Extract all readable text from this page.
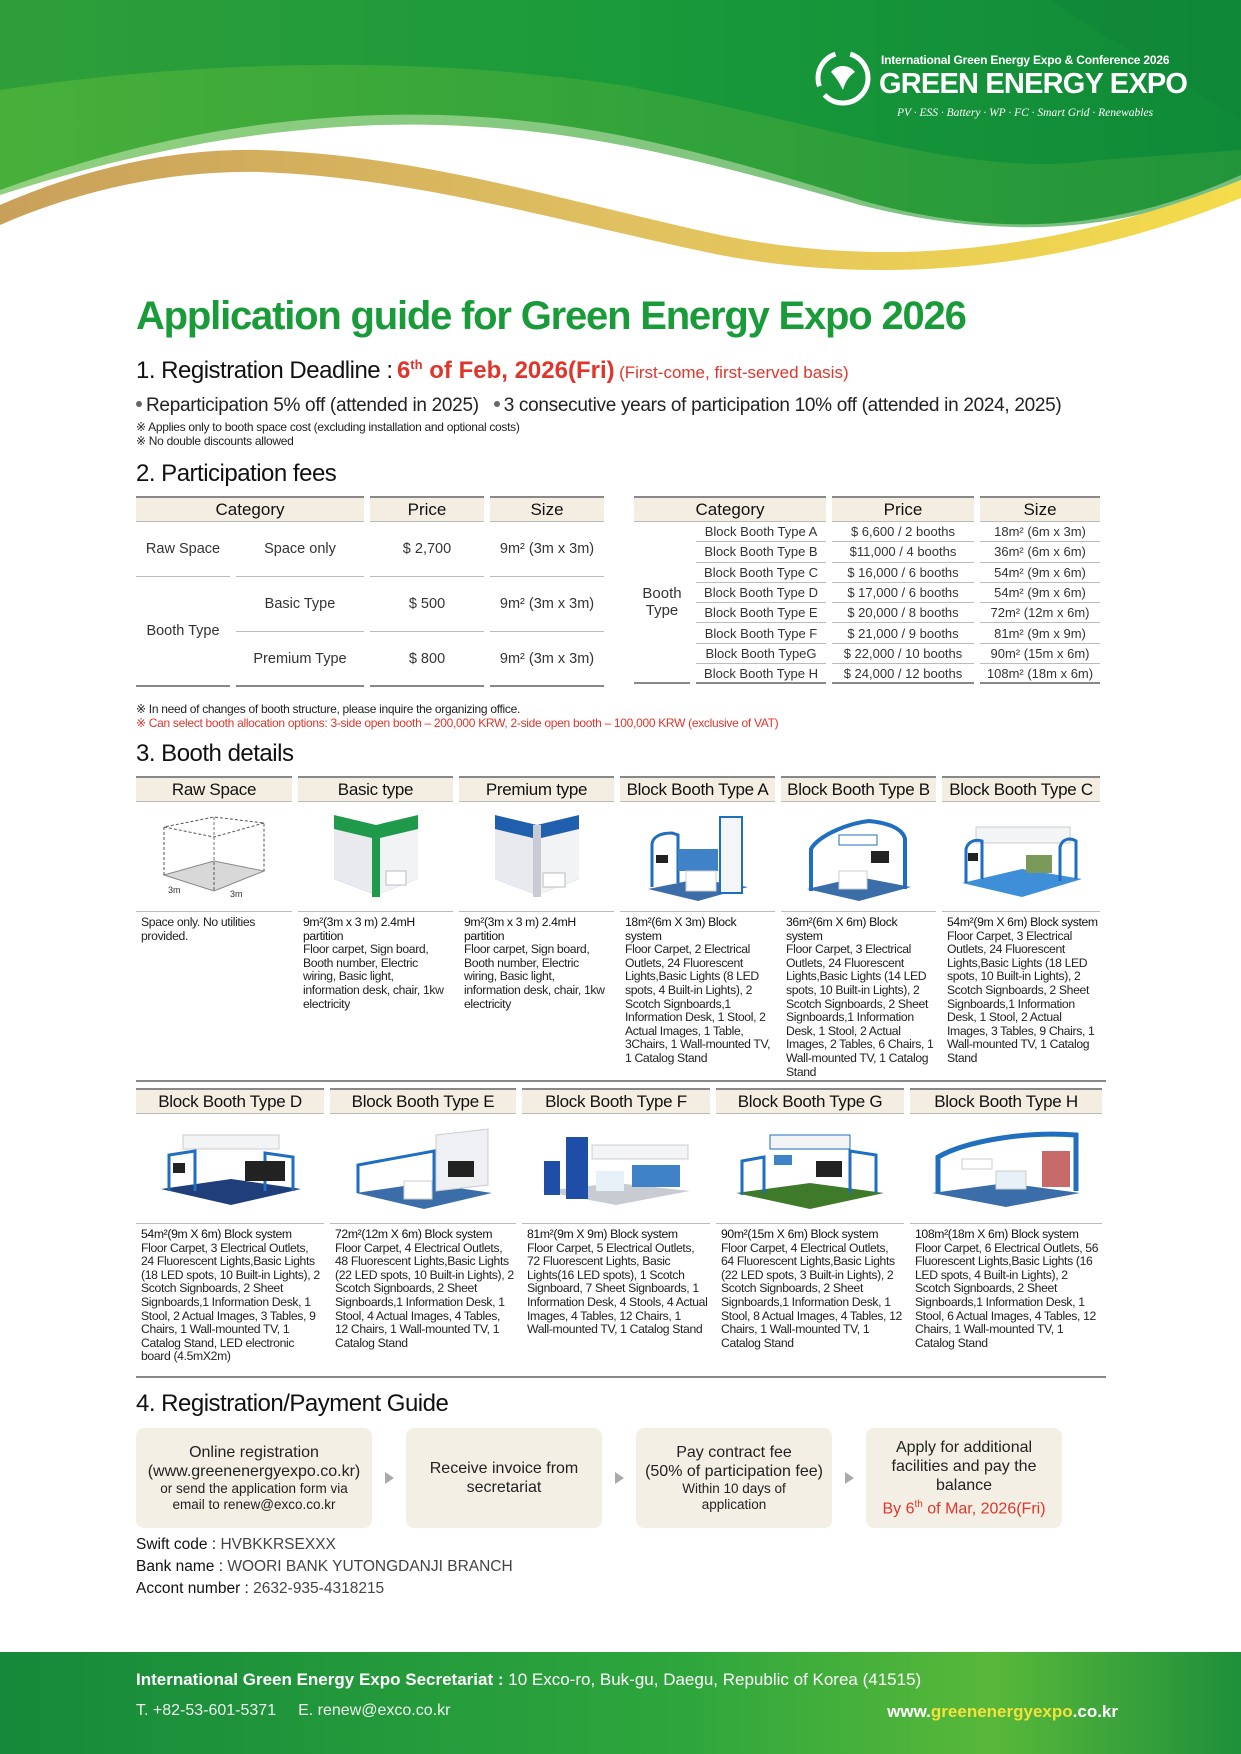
International Green Energy Expo & Conference 2026
GREEN ENERGY EXPO
PV · ESS · Battery · WP · FC · Smart Grid · Renewables
Application guide for Green Energy Expo 2026
1. Registration Deadline : 6th of Feb, 2026(Fri) (First-come, first-served basis)
Reparticipation 5% off (attended in 2025) 3 consecutive years of participation 10% off (attended in 2024, 2025)
※ Applies only to booth space cost (excluding installation and optional costs)
※ No double discounts allowed
2. Participation fees
Category		Price	Size
Raw Space	Space only	$ 2,700	9m² (3m x 3m)
Booth Type	Basic Type	$ 500	9m² (3m x 3m)
	Premium Type	$ 800	9m² (3m x 3m)
Category		Price	Size
Booth Type	Block Booth Type A	$ 6,600 / 2 booths	18m² (6m x 3m)
	Block Booth Type B	$11,000 / 4 booths	36m² (6m x 6m)
	Block Booth Type C	$ 16,000 / 6 booths	54m² (9m x 6m)
	Block Booth Type D	$ 17,000 / 6 booths	54m² (9m x 6m)
	Block Booth Type E	$ 20,000 / 8 booths	72m² (12m x 6m)
	Block Booth Type F	$ 21,000 / 9 booths	81m² (9m x 9m)
	Block Booth TypeG	$ 22,000 / 10 booths	90m² (15m x 6m)
	Block Booth Type H	$ 24,000 / 12 booths	108m² (18m x 6m)
※ In need of changes of booth structure, please inquire the organizing office.
※ Can select booth allocation options: 3-side open booth – 200,000 KRW, 2-side open booth – 100,000 KRW (exclusive of VAT)
3. Booth details
Raw Space
3m	3m
Space only. No utilities provided.
Basic type
9m²(3m x 3 m) 2.4mH partition
Floor carpet, Sign board, Booth number, Electric wiring, Basic light, information desk, chair, 1kw electricity
Premium type
9m²(3m x 3 m) 2.4mH partition
Floor carpet, Sign board, Booth number, Electric wiring, Basic light, information desk, chair, 1kw electricity
Block Booth Type A
18m²(6m X 3m) Block system
Floor Carpet, 2 Electrical Outlets, 24 Fluorescent Lights,Basic Lights (8 LED spots, 4 Built-in Lights), 2 Scotch Signboards,1 Information Desk, 1 Stool, 2 Actual Images, 1 Table, 3Chairs, 1 Wall-mounted TV, 1 Catalog Stand
Block Booth Type B
36m²(6m X 6m) Block system
Floor Carpet, 3 Electrical Outlets, 24 Fluorescent Lights,Basic Lights (14 LED spots, 10 Built-in Lights), 2 Scotch Signboards, 2 Sheet Signboards,1 Information Desk, 1 Stool, 2 Actual Images, 2 Tables, 6 Chairs, 1 Wall-mounted TV, 1 Catalog Stand
Block Booth Type C
54m²(9m X 6m) Block system
Floor Carpet, 3 Electrical Outlets, 24 Fluorescent Lights,Basic Lights (18 LED spots, 10 Built-in Lights), 2 Scotch Signboards, 2 Sheet Signboards,1 Information Desk, 1 Stool, 2 Actual Images, 3 Tables, 9 Chairs, 1 Wall-mounted TV, 1 Catalog Stand
Block Booth Type D
54m²(9m X 6m) Block system
Floor Carpet, 3 Electrical Outlets, 24 Fluorescent Lights,Basic Lights (18 LED spots, 10 Built-in Lights), 2 Scotch Signboards, 2 Sheet Signboards,1 Information Desk, 1 Stool, 2 Actual Images, 3 Tables, 9 Chairs, 1 Wall-mounted TV, 1 Catalog Stand, LED electronic board (4.5mX2m)
Block Booth Type E
72m²(12m X 6m) Block system
Floor Carpet, 4 Electrical Outlets, 48 Fluorescent Lights,Basic Lights (22 LED spots, 10 Built-in Lights), 2 Scotch Signboards, 2 Sheet Signboards,1 Information Desk, 1 Stool, 4 Actual Images, 4 Tables, 12 Chairs, 1 Wall-mounted TV, 1 Catalog Stand
Block Booth Type F
81m²(9m X 9m) Block system
Floor Carpet, 5 Electrical Outlets, 72 Fluorescent Lights, Basic Lights(16 LED spots), 1 Scotch Signboard, 7 Sheet Signboards, 1 Information Desk, 4 Stools, 4 Actual Images, 4 Tables, 12 Chairs, 1 Wall-mounted TV, 1 Catalog Stand
Block Booth Type G
90m²(15m X 6m) Block system
Floor Carpet, 4 Electrical Outlets, 64 Fluorescent Lights,Basic Lights (22 LED spots, 3 Built-in Lights), 2 Scotch Signboards, 2 Sheet Signboards,1 Information Desk, 1 Stool, 8 Actual Images, 4 Tables, 12 Chairs, 1 Wall-mounted TV, 1 Catalog Stand
Block Booth Type H
108m²(18m X 6m) Block system
Floor Carpet, 6 Electrical Outlets, 56 Fluorescent Lights,Basic Lights (16 LED spots, 4 Built-in Lights), 2 Scotch Signboards, 2 Sheet Signboards,1 Information Desk, 1 Stool, 6 Actual Images, 4 Tables, 12 Chairs, 1 Wall-mounted TV, 1 Catalog Stand
4. Registration/Payment Guide
Online registration
(www.greenenergyexpo.co.kr)
or send the application form via
email to renew@exco.co.kr
Receive invoice from
secretariat
Pay contract fee
(50% of participation fee)
Within 10 days of
application
Apply for additional
facilities and pay the
balance
By 6th of Mar, 2026(Fri)
Swift code : HVBKKRSEXXX
Bank name : WOORI BANK YUTONGDANJI BRANCH
Accont number : 2632-935-4318215
International Green Energy Expo Secretariat : 10 Exco-ro, Buk-gu, Daegu, Republic of Korea (41515)
T. +82-53-601-5371 E. renew@exco.co.kr	www.greenenergyexpo.co.kr
